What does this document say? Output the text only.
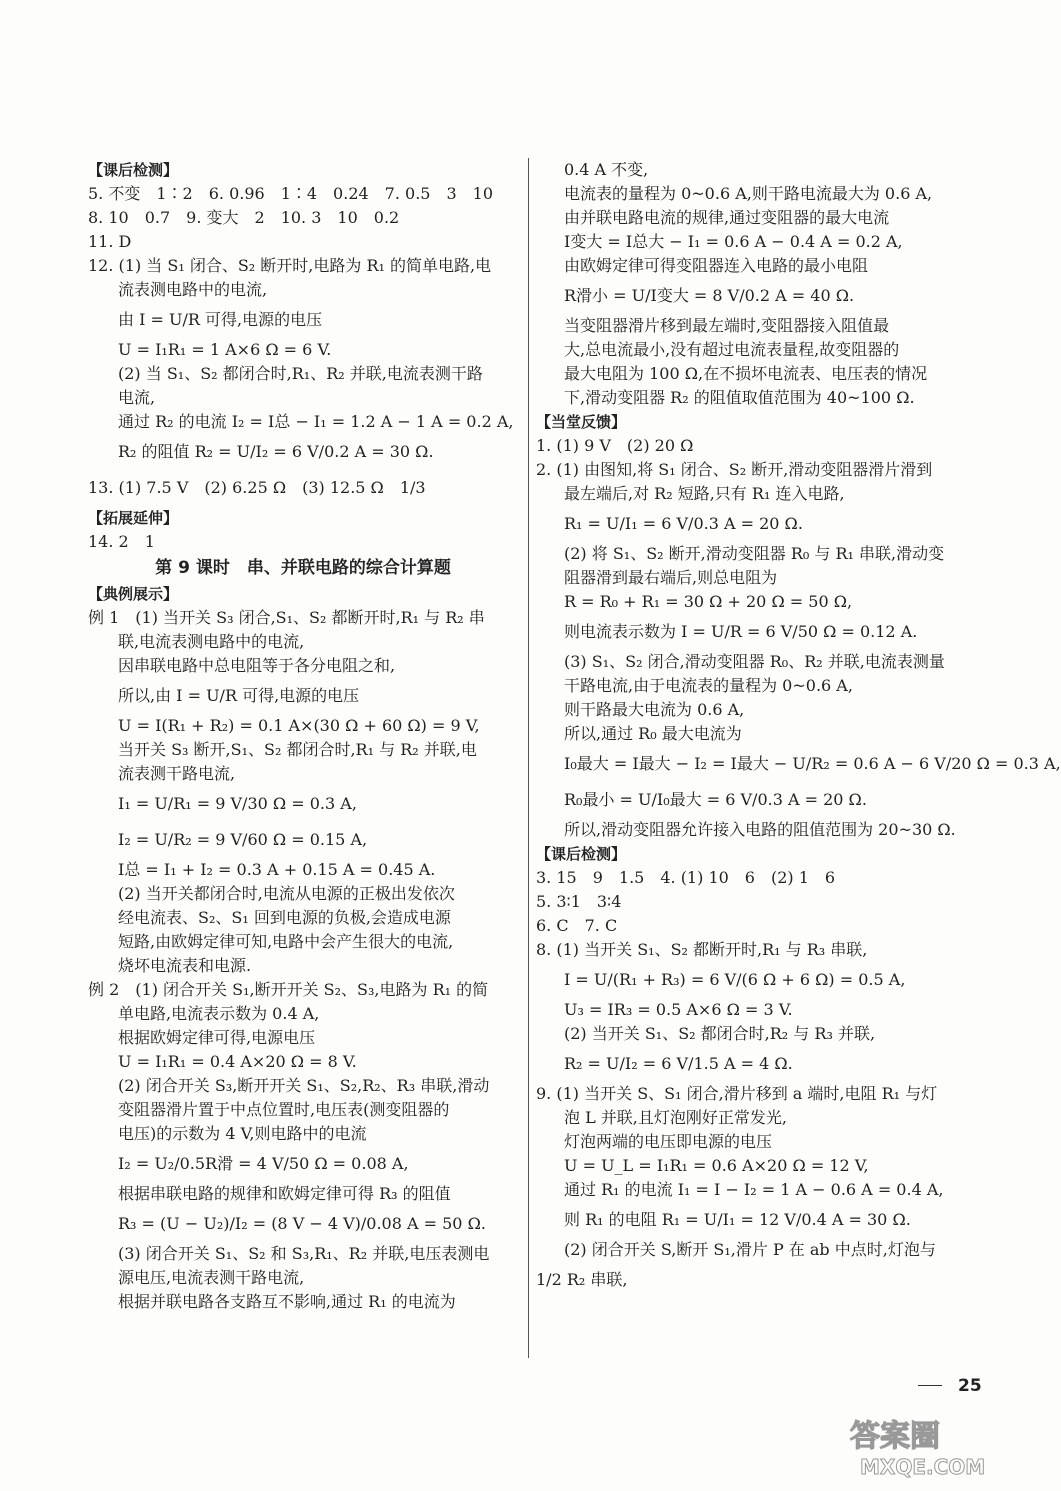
【课后检测】
5. 不变　1∶2　6. 0.96　1∶4　0.24　7. 0.5　3　10
8. 10　0.7　9. 变大　2　10. 3　10　0.2
11. D
12. (1) 当 S₁ 闭合、S₂ 断开时,电路为 R₁ 的简单电路,电
流表测电路中的电流,
由 I = U/R 可得,电源的电压
U = I₁R₁ = 1 A×6 Ω = 6 V.
(2) 当 S₁、S₂ 都闭合时,R₁、R₂ 并联,电流表测干路
电流,
通过 R₂ 的电流 I₂ = I总 − I₁ = 1.2 A − 1 A = 0.2 A,
R₂ 的阻值 R₂ = U/I₂ = 6 V/0.2 A = 30 Ω.
13. (1) 7.5 V　(2) 6.25 Ω　(3) 12.5 Ω　1/3
【拓展延伸】
14. 2　1
第 9 课时　串、并联电路的综合计算题
【典例展示】
例 1　(1) 当开关 S₃ 闭合,S₁、S₂ 都断开时,R₁ 与 R₂ 串
联,电流表测电路中的电流,
因串联电路中总电阻等于各分电阻之和,
所以,由 I = U/R 可得,电源的电压
U = I(R₁ + R₂) = 0.1 A×(30 Ω + 60 Ω) = 9 V,
当开关 S₃ 断开,S₁、S₂ 都闭合时,R₁ 与 R₂ 并联,电
流表测干路电流,
I₁ = U/R₁ = 9 V/30 Ω = 0.3 A,
I₂ = U/R₂ = 9 V/60 Ω = 0.15 A,
I总 = I₁ + I₂ = 0.3 A + 0.15 A = 0.45 A.
(2) 当开关都闭合时,电流从电源的正极出发依次
经电流表、S₂、S₁ 回到电源的负极,会造成电源
短路,由欧姆定律可知,电路中会产生很大的电流,
烧坏电流表和电源.
例 2　(1) 闭合开关 S₁,断开开关 S₂、S₃,电路为 R₁ 的简
单电路,电流表示数为 0.4 A,
根据欧姆定律可得,电源电压
U = I₁R₁ = 0.4 A×20 Ω = 8 V.
(2) 闭合开关 S₃,断开开关 S₁、S₂,R₂、R₃ 串联,滑动
变阻器滑片置于中点位置时,电压表(测变阻器的
电压)的示数为 4 V,则电路中的电流
I₂ = U₂/0.5R滑 = 4 V/50 Ω = 0.08 A,
根据串联电路的规律和欧姆定律可得 R₃ 的阻值
R₃ = (U − U₂)/I₂ = (8 V − 4 V)/0.08 A = 50 Ω.
(3) 闭合开关 S₁、S₂ 和 S₃,R₁、R₂ 并联,电压表测电
源电压,电流表测干路电流,
根据并联电路各支路互不影响,通过 R₁ 的电流为
0.4 A 不变,
电流表的量程为 0~0.6 A,则干路电流最大为 0.6 A,
由并联电路电流的规律,通过变阻器的最大电流
I变大 = I总大 − I₁ = 0.6 A − 0.4 A = 0.2 A,
由欧姆定律可得变阻器连入电路的最小电阻
R滑小 = U/I变大 = 8 V/0.2 A = 40 Ω.
当变阻器滑片移到最左端时,变阻器接入阻值最
大,总电流最小,没有超过电流表量程,故变阻器的
最大电阻为 100 Ω,在不损坏电流表、电压表的情况
下,滑动变阻器 R₂ 的阻值取值范围为 40~100 Ω.
【当堂反馈】
1. (1) 9 V　(2) 20 Ω
2. (1) 由图知,将 S₁ 闭合、S₂ 断开,滑动变阻器滑片滑到
最左端后,对 R₂ 短路,只有 R₁ 连入电路,
R₁ = U/I₁ = 6 V/0.3 A = 20 Ω.
(2) 将 S₁、S₂ 断开,滑动变阻器 R₀ 与 R₁ 串联,滑动变
阻器滑到最右端后,则总电阻为
R = R₀ + R₁ = 30 Ω + 20 Ω = 50 Ω,
则电流表示数为 I = U/R = 6 V/50 Ω = 0.12 A.
(3) S₁、S₂ 闭合,滑动变阻器 R₀、R₂ 并联,电流表测量
干路电流,由于电流表的量程为 0~0.6 A,
则干路最大电流为 0.6 A,
所以,通过 R₀ 最大电流为
I₀最大 = I最大 − I₂ = I最大 − U/R₂ = 0.6 A − 6 V/20 Ω = 0.3 A,
R₀最小 = U/I₀最大 = 6 V/0.3 A = 20 Ω.
所以,滑动变阻器允许接入电路的阻值范围为 20~30 Ω.
【课后检测】
3. 15　9　1.5　4. (1) 10　6　(2) 1　6
5. 3∶1　3∶4
6. C　7. C
8. (1) 当开关 S₁、S₂ 都断开时,R₁ 与 R₃ 串联,
I = U/(R₁ + R₃) = 6 V/(6 Ω + 6 Ω) = 0.5 A,
U₃ = IR₃ = 0.5 A×6 Ω = 3 V.
(2) 当开关 S₁、S₂ 都闭合时,R₂ 与 R₃ 并联,
R₂ = U/I₂ = 6 V/1.5 A = 4 Ω.
9. (1) 当开关 S、S₁ 闭合,滑片移到 a 端时,电阻 R₁ 与灯
泡 L 并联,且灯泡刚好正常发光,
灯泡两端的电压即电源的电压
U = U_L = I₁R₁ = 0.6 A×20 Ω = 12 V,
通过 R₁ 的电流 I₁ = I − I₂ = 1 A − 0.6 A = 0.4 A,
则 R₁ 的电阻 R₁ = U/I₁ = 12 V/0.4 A = 30 Ω.
(2) 闭合开关 S,断开 S₁,滑片 P 在 ab 中点时,灯泡与
1/2 R₂ 串联,
25
答案圈
MXQE.COM
